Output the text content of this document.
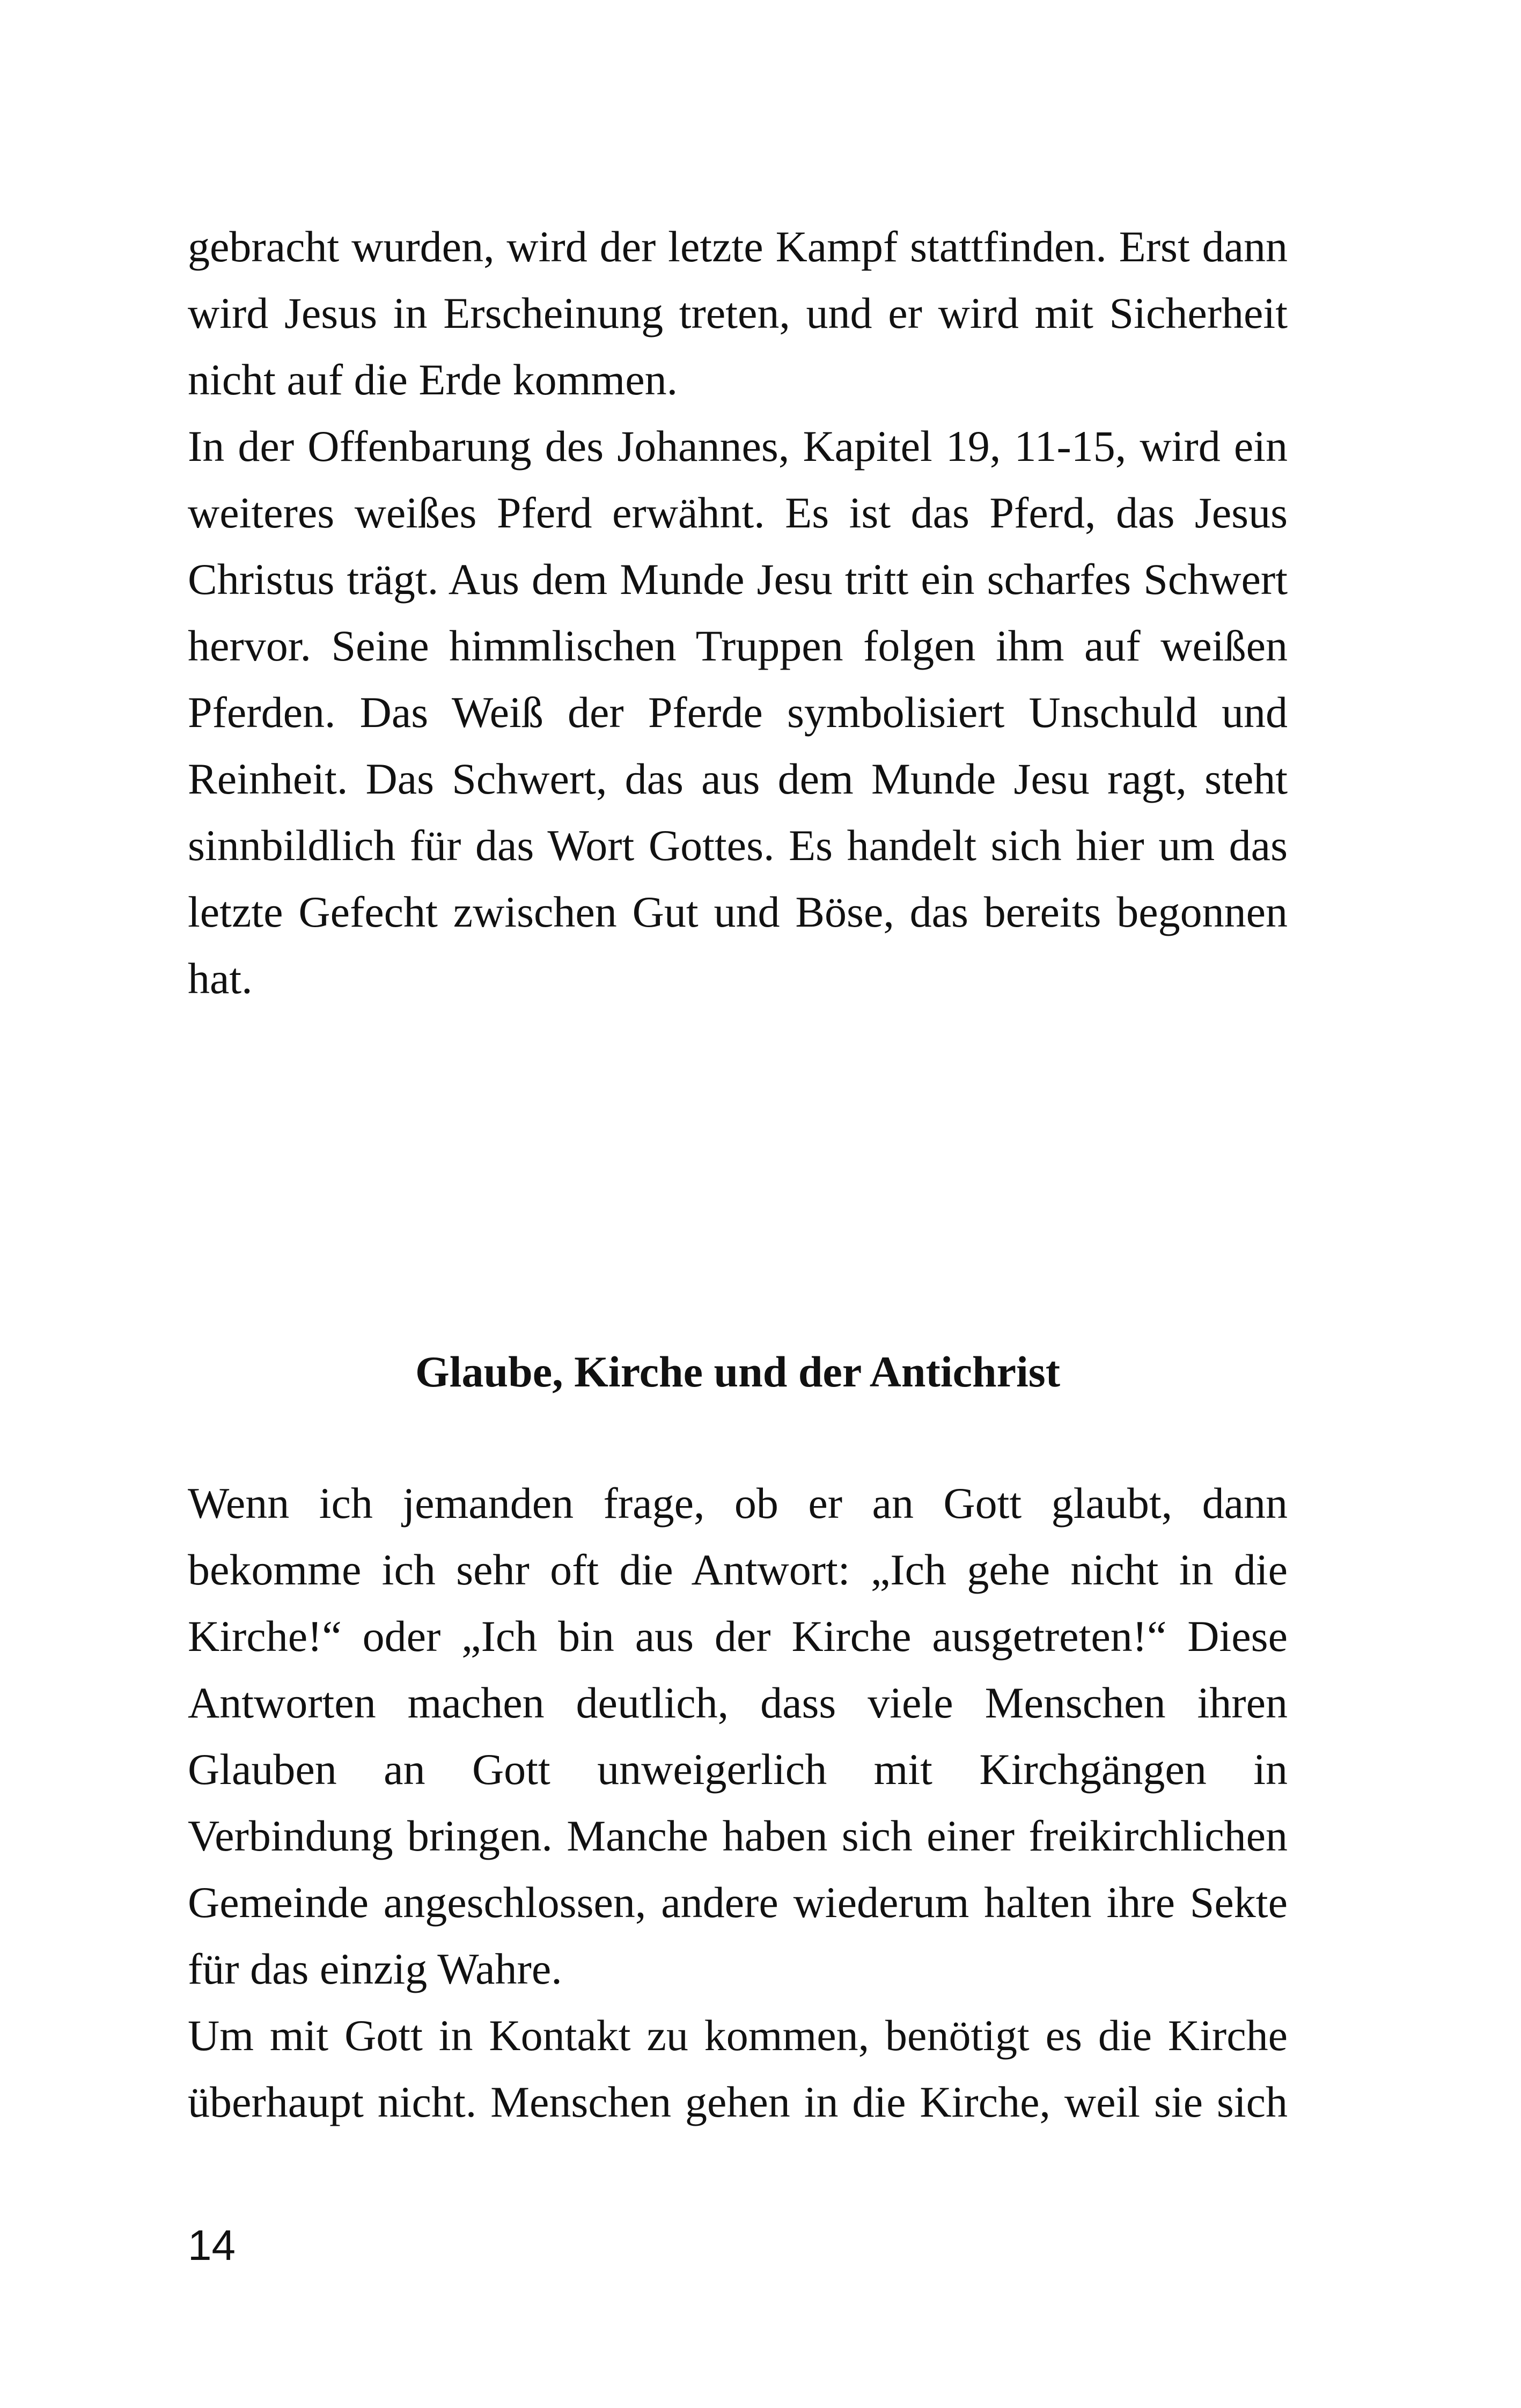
gebracht wurden, wird der letzte Kampf stattfinden. Erst dann wird Jesus in Erscheinung treten, und er wird mit Sicherheit nicht auf die Erde kommen.

In der Offenbarung des Johannes, Kapitel 19, 11-15, wird ein weiteres weißes Pferd erwähnt. Es ist das Pferd, das Jesus Christus trägt. Aus dem Munde Jesu tritt ein scharfes Schwert hervor. Seine himmlischen Truppen folgen ihm auf weißen Pferden. Das Weiß der Pferde symbolisiert Unschuld und Reinheit. Das Schwert, das aus dem Munde Jesu ragt, steht sinnbildlich für das Wort Gottes. Es handelt sich hier um das letzte Gefecht zwischen Gut und Böse, das bereits begonnen hat.

Glaube, Kirche und der Antichrist

Wenn ich jemanden frage, ob er an Gott glaubt, dann bekomme ich sehr oft die Antwort: „Ich gehe nicht in die Kirche!“ oder „Ich bin aus der Kirche ausgetreten!“ Diese Antworten machen deutlich, dass viele Menschen ihren Glauben an Gott unweigerlich mit Kirchgängen in Verbindung bringen. Manche haben sich einer freikirchlichen Gemeinde angeschlossen, andere wiederum halten ihre Sekte für das einzig Wahre.

Um mit Gott in Kontakt zu kommen, benötigt es die Kirche überhaupt nicht. Menschen gehen in die Kirche, weil sie sich

14
